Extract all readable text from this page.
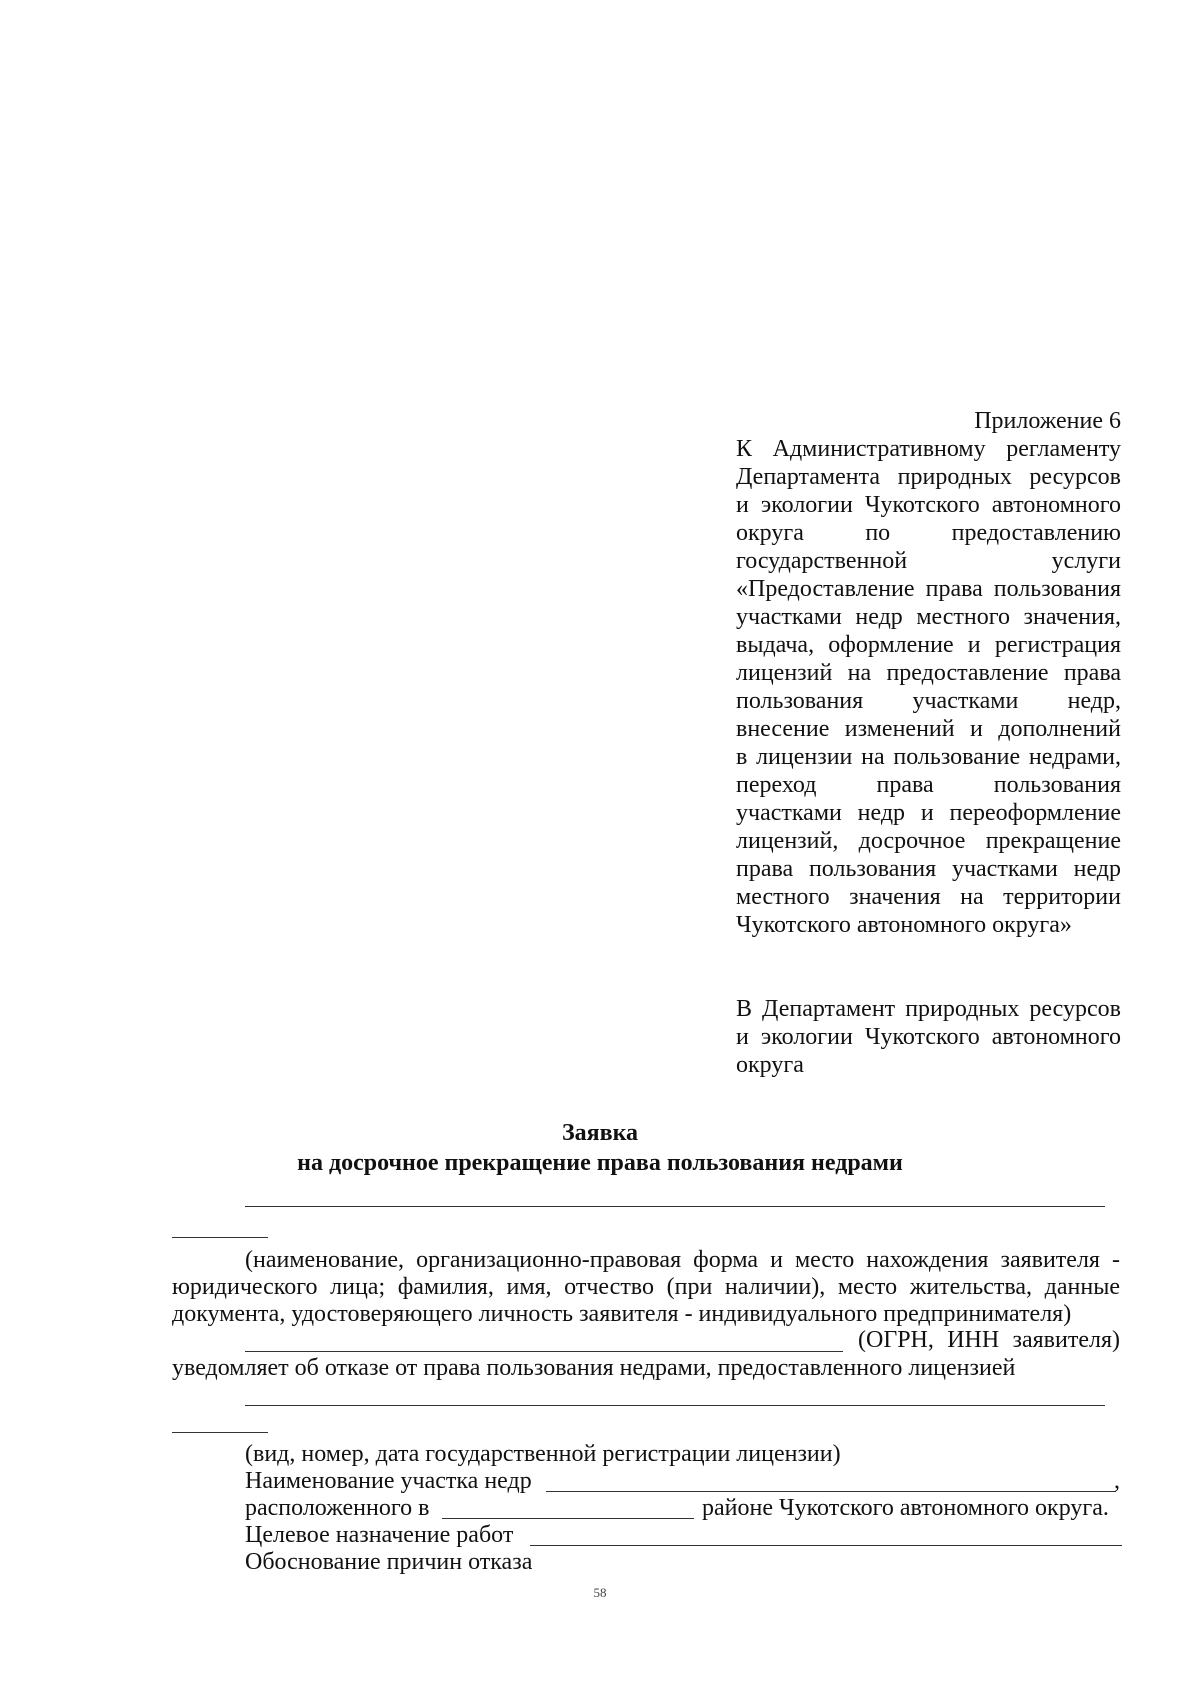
Приложение 6
К Административному регламенту
Департамента природных ресурсов
и экологии Чукотского автономного
округа по предоставлению
государственной услуги
«Предоставление права пользования
участками недр местного значения,
выдача, оформление и регистрация
лицензий на предоставление права
пользования участками недр,
внесение изменений и дополнений
в лицензии на пользование недрами,
переход права пользования
участками недр и переоформление
лицензий, досрочное прекращение
права пользования участками недр
местного значения на территории
Чукотского автономного округа»
В Департамент природных ресурсов
и экологии Чукотского автономного
округа
Заявка
на досрочное прекращение права пользования недрами
(наименование, организационно-правовая форма и место нахождения заявителя -
юридического лица; фамилия, имя, отчество (при наличии), место жительства, данные
документа, удостоверяющего личность заявителя - индивидуального предпринимателя)
(ОГРН, ИНН заявителя)
уведомляет об отказе от права пользования недрами, предоставленного лицензией
(вид, номер, дата государственной регистрации лицензии)
Наименование участка недр	,
расположенного в	районе Чукотского автономного округа.
Целевое назначение работ
Обоснование причин отказа
58
